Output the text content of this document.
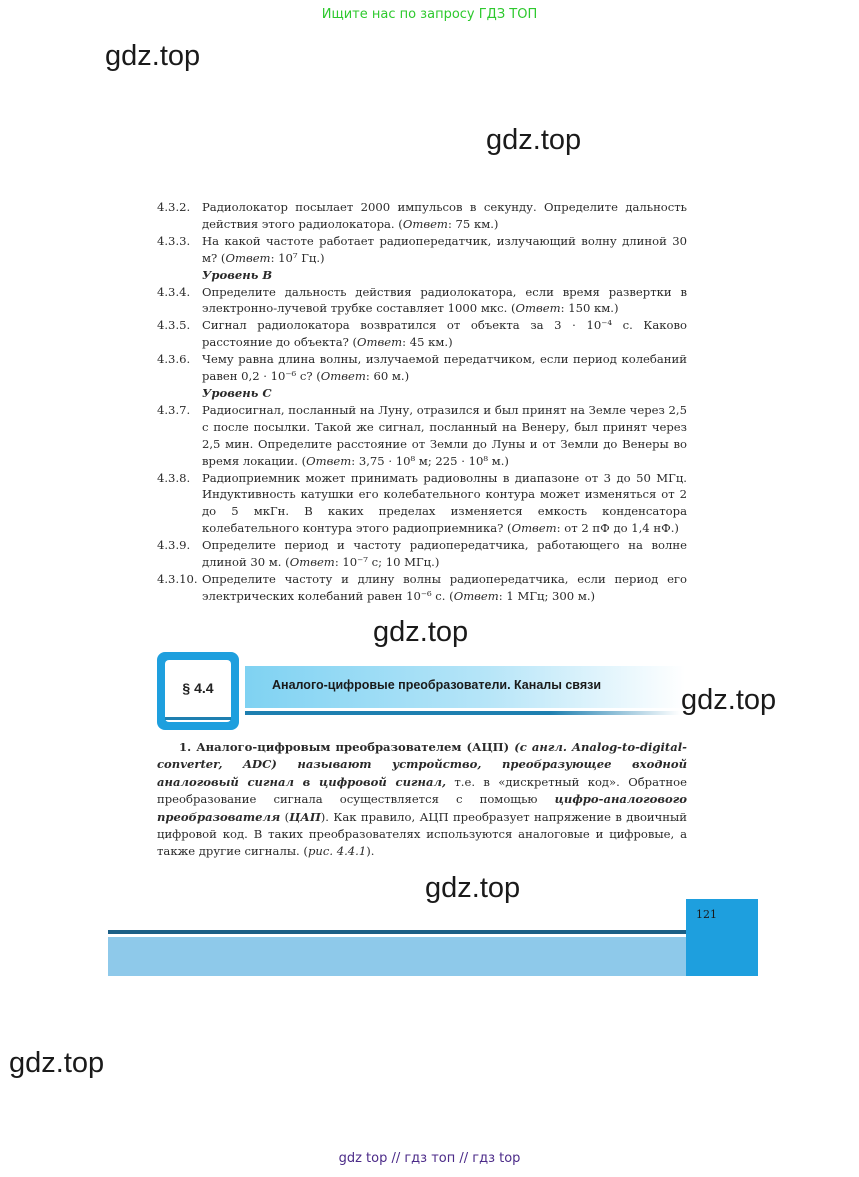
Ищите нас по запросу ГДЗ ТОП
gdz.top
gdz.top
4.3.2.	Радиолокатор посылает 2000 импульсов в секунду. Определите дальность действия этого радиолокатора. (Ответ: 75 км.)
4.3.3.	На какой частоте работает радиопередатчик, излучающий волну длиной 30 м? (Ответ: 10⁷ Гц.)
Уровень B
4.3.4.	Определите дальность действия радиолокатора, если время развертки в электронно-лучевой трубке составляет 1000 мкс. (Ответ: 150 км.)
4.3.5.	Сигнал радиолокатора возвратился от объекта за 3 · 10⁻⁴ с. Каково расстояние до объекта? (Ответ: 45 км.)
4.3.6.	Чему равна длина волны, излучаемой передатчиком, если период колебаний равен 0,2 · 10⁻⁶ с? (Ответ: 60 м.)
Уровень C
4.3.7.	Радиосигнал, посланный на Луну, отразился и был принят на Земле через 2,5 с после посылки. Такой же сигнал, посланный на Венеру, был принят через 2,5 мин. Определите расстояние от Земли до Луны и от Земли до Венеры во время локации. (Ответ: 3,75 · 10⁸ м; 225 · 10⁸ м.)
4.3.8.	Радиоприемник может принимать радиоволны в диапазоне от 3 до 50 МГц. Индуктивность катушки его колебательного контура может изменяться от 2 до 5 мкГн. В каких пределах изменяется емкость конденсатора колебательного контура этого радиоприемника? (Ответ: от 2 пФ до 1,4 нФ.)
4.3.9.	Определите период и частоту радиопередатчика, работающего на волне длиной 30 м. (Ответ: 10⁻⁷ с; 10 МГц.)
4.3.10. Определите частоту и длину волны радиопередатчика, если период его электрических колебаний равен 10⁻⁶ с. (Ответ: 1 МГц; 300 м.)
gdz.top
§ 4.4	Аналого-цифровые преобразователи. Каналы связи	gdz.top
1. Аналого-цифровым преобразователем (АЦП) (с англ. Analog-to-digital-converter, ADC) называют устройство, преобразующее входной аналоговый сигнал в цифровой сигнал, т.е. в «дискретный код». Обратное преобразование сигнала осуществляется с помощью цифро-аналогового преобразователя (ЦАП). Как правило, АЦП преобразует напряжение в двоичный цифровой код. В таких преобразователях используются аналоговые и цифровые, а также другие сигналы. (рис. 4.4.1).
gdz.top
121
gdz.top
gdz top // гдз топ // гдз top
